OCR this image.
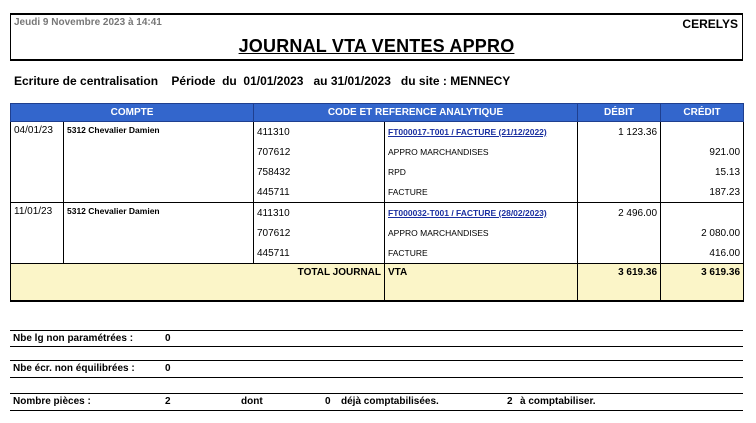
Jeudi 9 Novembre 2023 à 14:41	CERELYS
JOURNAL VTA VENTES APPRO
Ecriture de centralisation Période  du 01/01/2023 au 31/01/2023 du site : MENNECY
COMPTE		CODE ET REFERENCE ANALYTIQUE		DÉBIT	CRÉDIT
04/01/23	5312 Chevalier Damien	411310	FT000017-T001 / FACTURE (21/12/2022)	1 123.36	
		707612	APPRO MARCHANDISES		921.00
		758432	RPD		15.13
		445711	FACTURE		187.23
11/01/23	5312 Chevalier Damien	411310	FT000032-T001 / FACTURE (28/02/2023)	2 496.00	
		707612	APPRO MARCHANDISES		2 080.00
		445711	FACTURE		416.00
TOTAL JOURNAL			VTA	3 619.36	3 619.36
Nbe lg non paramétrées :	0
Nbe écr. non équilibrées :	0
Nombre pièces :	2	dont	0 déjà comptabilisées.	2 à comptabiliser.
